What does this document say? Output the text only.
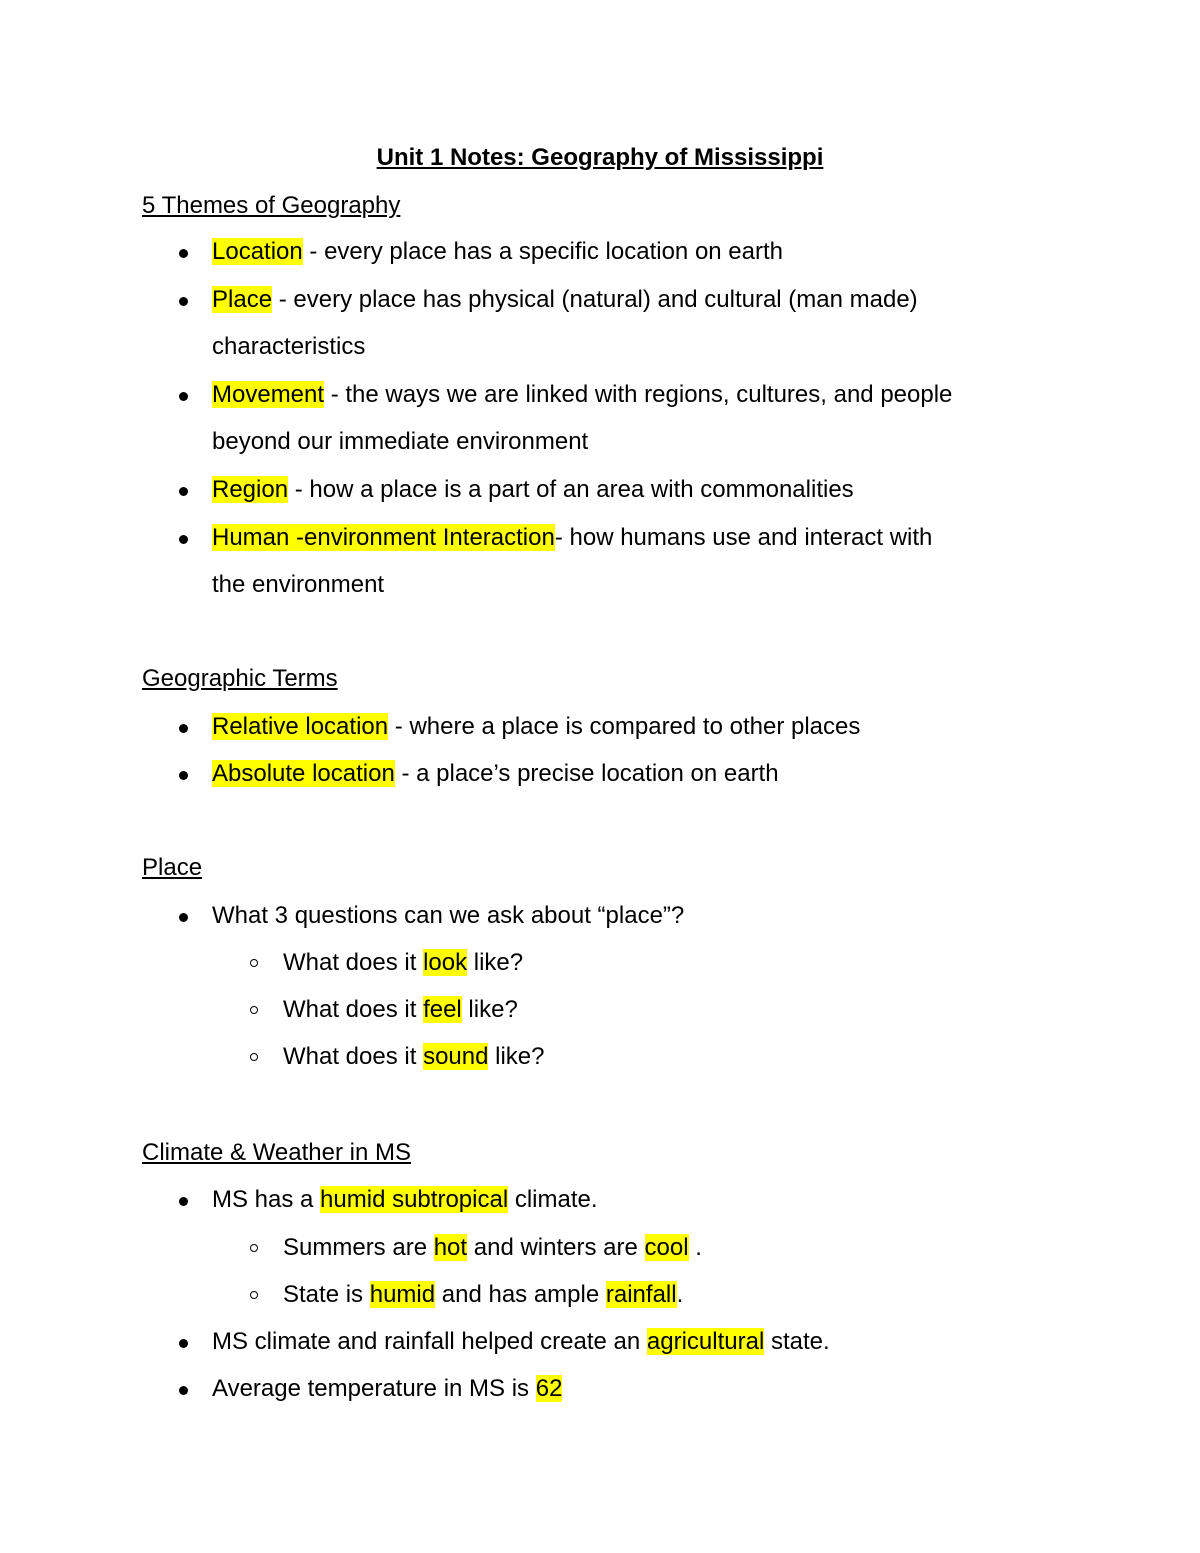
Unit 1 Notes: Geography of Mississippi
5 Themes of Geography
Location - every place has a specific location on earth
Place - every place has physical (natural) and cultural (man made)
characteristics
Movement - the ways we are linked with regions, cultures, and people
beyond our immediate environment
Region - how a place is a part of an area with commonalities
Human -environment Interaction- how humans use and interact with
the environment
Geographic Terms
Relative location - where a place is compared to other places
Absolute location - a place’s precise location on earth
Place
What 3 questions can we ask about “place”?
What does it look like?
What does it feel like?
What does it sound like?
Climate & Weather in MS
MS has a humid subtropical climate.
Summers are hot and winters are cool .
State is humid and has ample rainfall.
MS climate and rainfall helped create an agricultural state.
Average temperature in MS is 62
